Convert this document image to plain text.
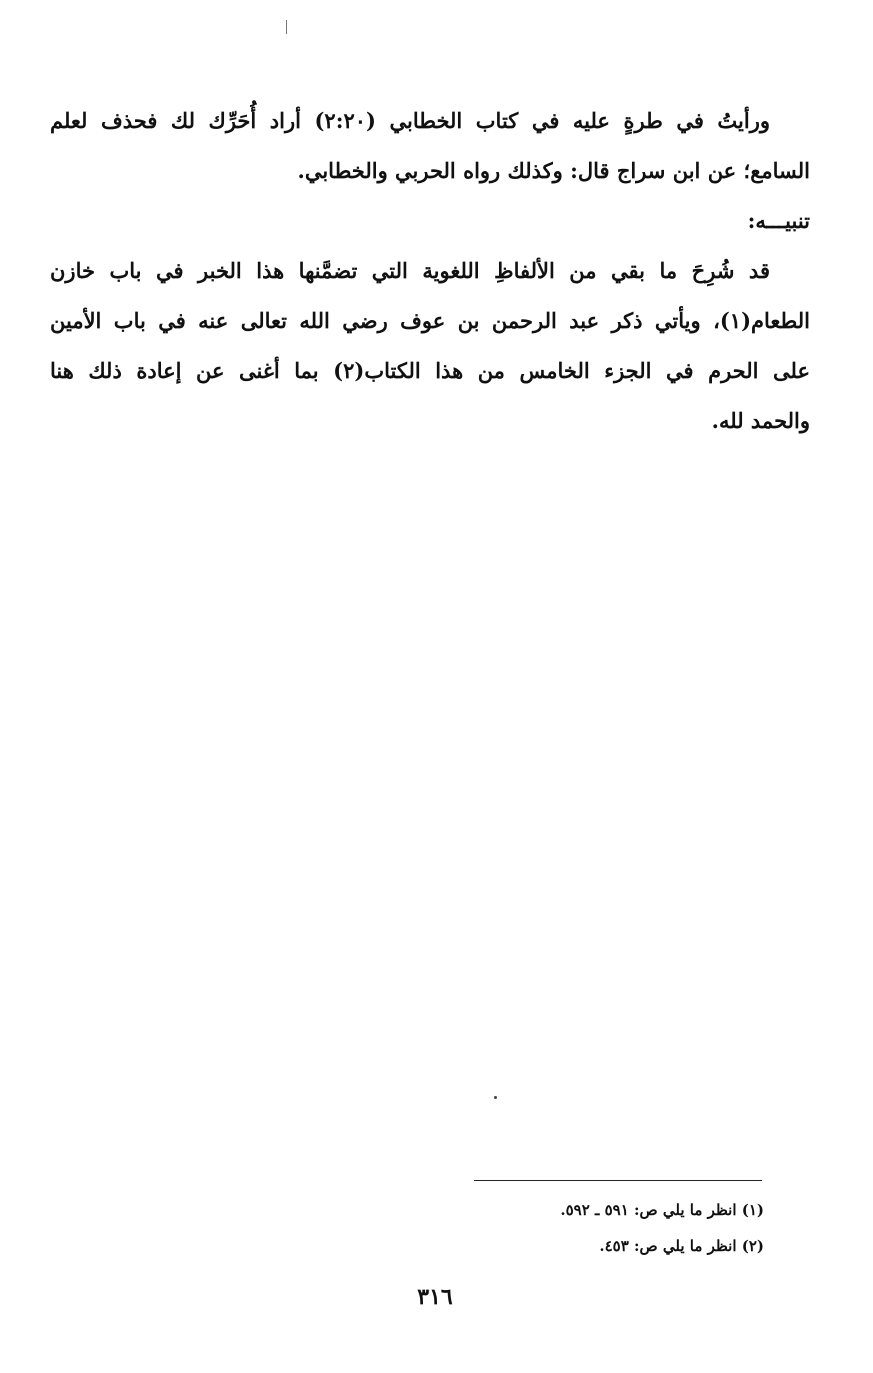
ورأيتُ في طرةٍ عليه في كتاب الخطابي (٢:٢٠) أراد أُحَرِّك لك فحذف لعلم
السامع؛ عن ابن سراج قال: وكذلك رواه الحربي والخطابي.
تنبيـــه:
قد شُرِحَ ما بقي من الألفاظِ اللغوية التي تضمَّنها هذا الخبر في باب خازن
الطعام(١)، ويأتي ذكر عبد الرحمن بن عوف رضي الله تعالى عنه في باب الأمين
على الحرم في الجزء الخامس من هذا الكتاب(٢) بما أغنى عن إعادة ذلك هنا
والحمد لله.
(١) انظر ما يلي ص: ٥٩١ ـ ٥٩٢.
(٢) انظر ما يلي ص: ٤٥٣.
٣١٦
